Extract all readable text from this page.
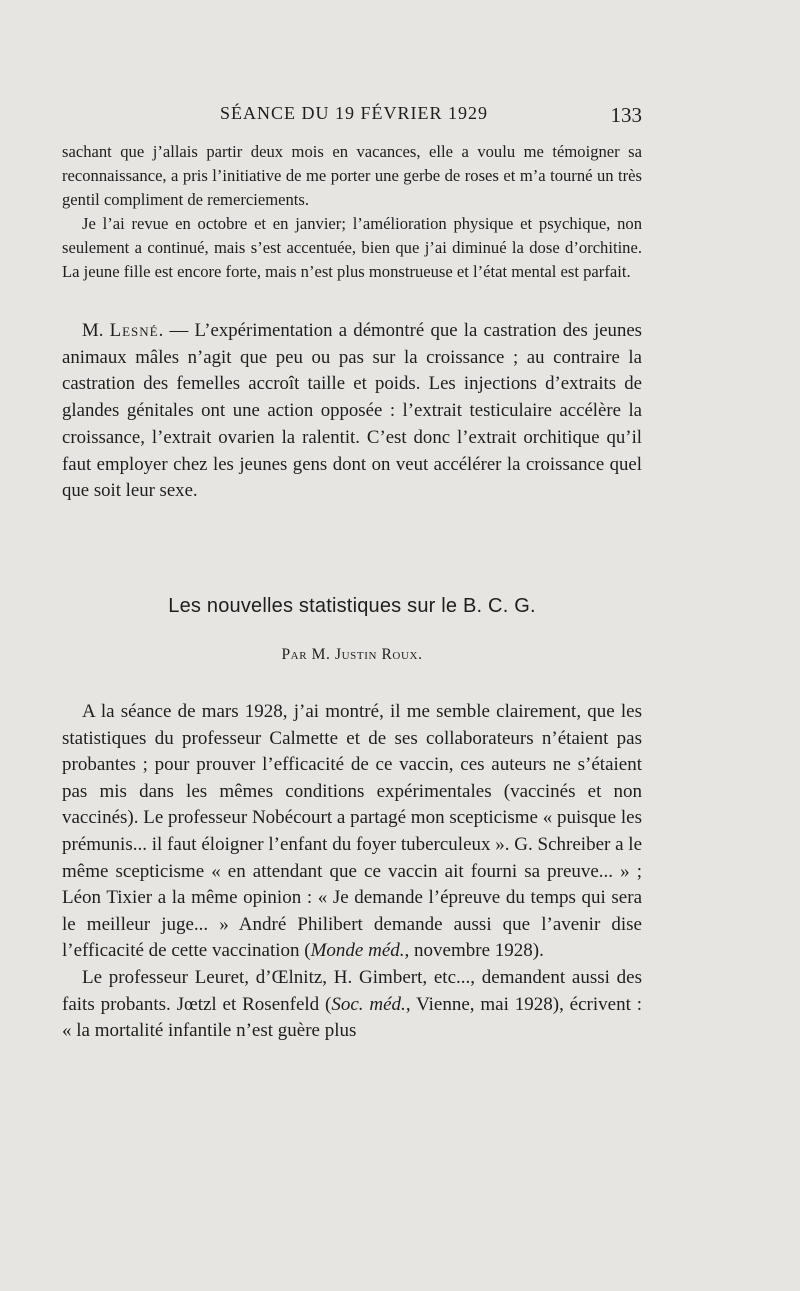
SÉANCE DU 19 FÉVRIER 1929	133

sachant que j’allais partir deux mois en vacances, elle a voulu me témoigner sa reconnaissance, a pris l’initiative de me porter une gerbe de roses et m’a tourné un très gentil compliment de remerciements.

Je l’ai revue en octobre et en janvier; l’amélioration physique et psychique, non seulement a continué, mais s’est accentuée, bien que j’ai diminué la dose d’orchitine. La jeune fille est encore forte, mais n’est plus monstrueuse et l’état mental est parfait.

M. Lesné. — L’expérimentation a démontré que la castration des jeunes animaux mâles n’agit que peu ou pas sur la croissance ; au contraire la castration des femelles accroît taille et poids. Les injections d’extraits de glandes génitales ont une action opposée : l’extrait testiculaire accélère la croissance, l’extrait ovarien la ralentit. C’est donc l’extrait orchitique qu’il faut employer chez les jeunes gens dont on veut accélérer la croissance quel que soit leur sexe.

Les nouvelles statistiques sur le B. C. G.
Par M. Justin Roux.

A la séance de mars 1928, j’ai montré, il me semble clairement, que les statistiques du professeur Calmette et de ses collaborateurs n’étaient pas probantes ; pour prouver l’efficacité de ce vaccin, ces auteurs ne s’étaient pas mis dans les mêmes conditions expérimentales (vaccinés et non vaccinés). Le professeur Nobécourt a partagé mon scepticisme « puisque les prémunis... il faut éloigner l’enfant du foyer tuberculeux ». G. Schreiber a le même scepticisme « en attendant que ce vaccin ait fourni sa preuve... » ; Léon Tixier a la même opinion : « Je demande l’épreuve du temps qui sera le meilleur juge... » André Philibert demande aussi que l’avenir dise l’efficacité de cette vaccination (Monde méd., novembre 1928).

Le professeur Leuret, d’Œlnitz, H. Gimbert, etc..., demandent aussi des faits probants. Jœtzl et Rosenfeld (Soc. méd., Vienne, mai 1928), écrivent : « la mortalité infantile n’est guère plus
